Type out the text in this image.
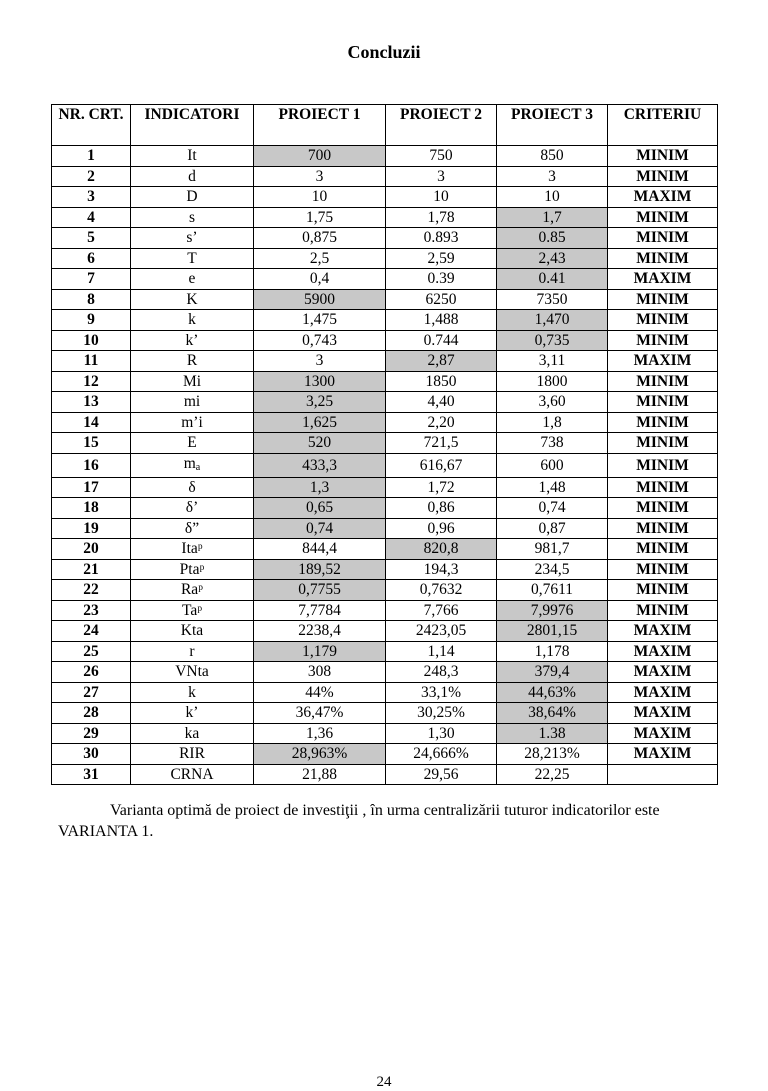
Concluzii
NR. CRT.	INDICATORI	PROIECT 1	PROIECT 2	PROIECT 3	CRITERIU
1	It	700	750	850	MINIM
2	d	3	3	3	MINIM
3	D	10	10	10	MAXIM
4	s	1,75	1,78	1,7	MINIM
5	s’	0,875	0.893	0.85	MINIM
6	T	2,5	2,59	2,43	MINIM
7	e	0,4	0.39	0.41	MAXIM
8	K	5900	6250	7350	MINIM
9	k	1,475	1,488	1,470	MINIM
10	k’	0,743	0.744	0,735	MINIM
11	R	3	2,87	3,11	MAXIM
12	Mi	1300	1850	1800	MINIM
13	mi	3,25	4,40	3,60	MINIM
14	m’i	1,625	2,20	1,8	MINIM
15	E	520	721,5	738	MINIM
16	$m_a$	433,3	616,67	600	MINIM
17	δ	1,3	1,72	1,48	MINIM
18	δ’	0,65	0,86	0,74	MINIM
19	δ”	0,74	0,96	0,87	MINIM
20	Itaᵖ	844,4	820,8	981,7	MINIM
21	Ptaᵖ	189,52	194,3	234,5	MINIM
22	Raᵖ	0,7755	0,7632	0,7611	MINIM
23	Taᵖ	7,7784	7,766	7,9976	MINIM
24	Kta	2238,4	2423,05	2801,15	MAXIM
25	r	1,179	1,14	1,178	MAXIM
26	VNta	308	248,3	379,4	MAXIM
27	k	44%	33,1%	44,63%	MAXIM
28	k’	36,47%	30,25%	38,64%	MAXIM
29	ka	1,36	1,30	1.38	MAXIM
30	RIR	28,963%	24,666%	28,213%	MAXIM
31	CRNA	21,88	29,56	22,25	
Varianta optimă de proiect de investiţii , în urma centralizării tuturor indicatorilor este VARIANTA 1.
24
